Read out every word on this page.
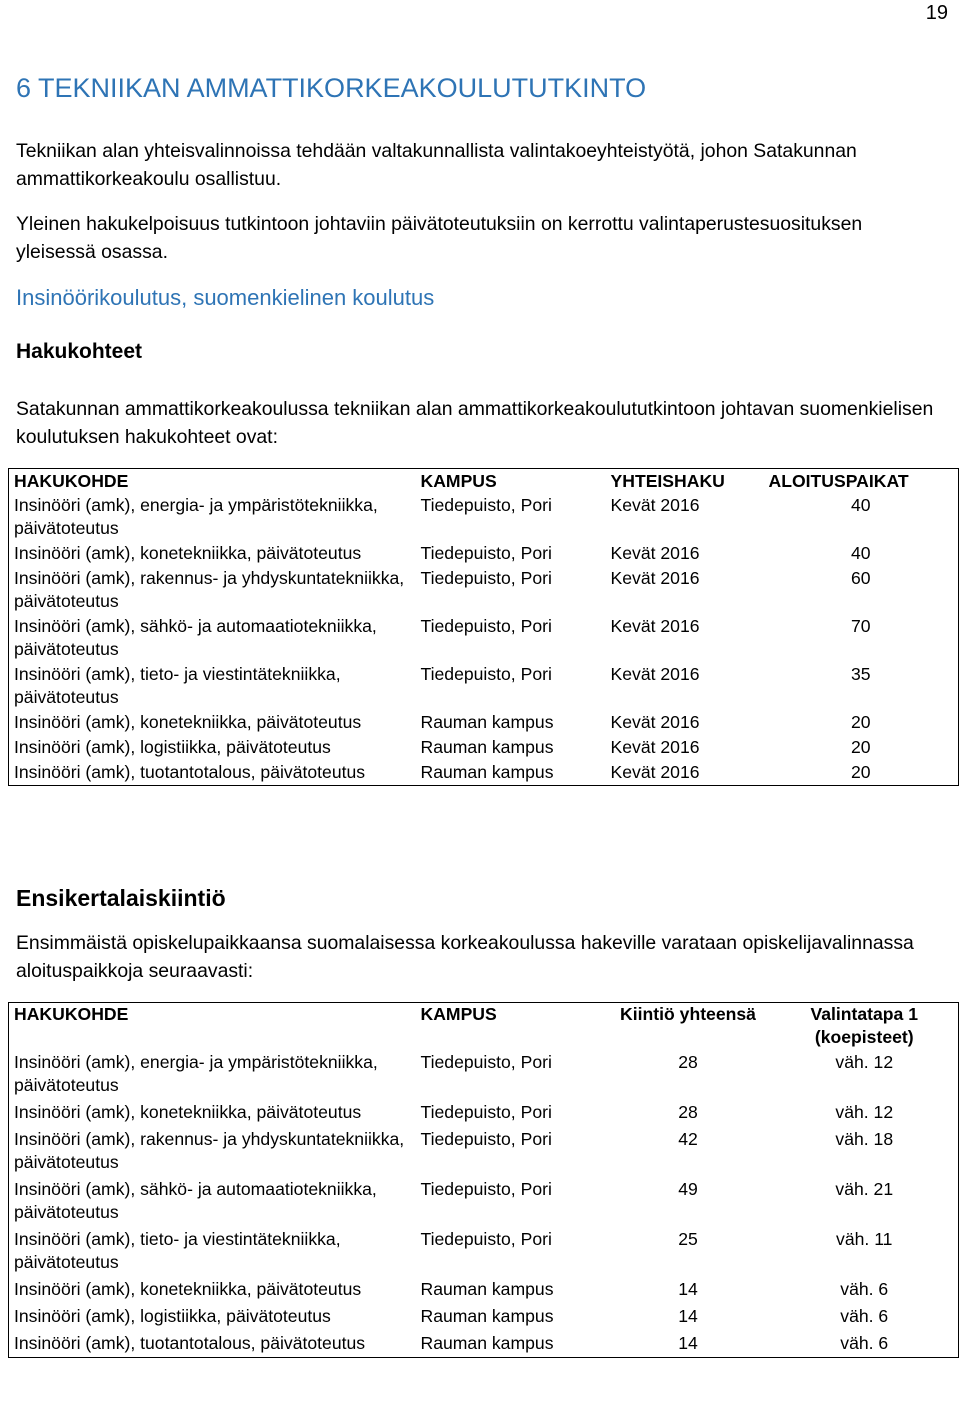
19
6 TEKNIIKAN AMMATTIKORKEAKOULUTUTKINTO

Tekniikan alan yhteisvalinnoissa tehdään valtakunnallista valintakoeyhteistyötä, johon Satakunnan ammattikorkeakoulu osallistuu.

Yleinen hakukelpoisuus tutkintoon johtaviin päivätoteutuksiin on kerrottu valintaperustesuosituksen yleisessä osassa.

Insinöörikoulutus, suomenkielinen koulutus
Hakukohteet

Satakunnan ammattikorkeakoulussa tekniikan alan ammattikorkeakoulututkintoon johtavan suomenkielisen koulutuksen hakukohteet ovat:

HAKUKOHDE	KAMPUS	YHTEISHAKU	ALOITUSPAIKAT
Insinööri (amk), energia- ja ympäristötekniikka, päivätoteutus	Tiedepuisto, Pori	Kevät 2016	40
Insinööri (amk), konetekniikka, päivätoteutus	Tiedepuisto, Pori	Kevät 2016	40
Insinööri (amk), rakennus- ja yhdyskuntatekniikka, päivätoteutus	Tiedepuisto, Pori	Kevät 2016	60
Insinööri (amk), sähkö- ja automaatiotekniikka, päivätoteutus	Tiedepuisto, Pori	Kevät 2016	70
Insinööri (amk), tieto- ja viestintätekniikka, päivätoteutus	Tiedepuisto, Pori	Kevät 2016	35
Insinööri (amk), konetekniikka, päivätoteutus	Rauman kampus	Kevät 2016	20
Insinööri (amk), logistiikka, päivätoteutus	Rauman kampus	Kevät 2016	20
Insinööri (amk), tuotantotalous, päivätoteutus	Rauman kampus	Kevät 2016	20
Ensikertalaiskiintiö

Ensimmäistä opiskelupaikkaansa suomalaisessa korkeakoulussa hakeville varataan opiskelijavalinnassa aloituspaikkoja seuraavasti:

HAKUKOHDE	KAMPUS	Kiintiö yhteensä	Valintatapa 1 (koepisteet)
Insinööri (amk), energia- ja ympäristötekniikka, päivätoteutus	Tiedepuisto, Pori	28	väh. 12
Insinööri (amk), konetekniikka, päivätoteutus	Tiedepuisto, Pori	28	väh. 12
Insinööri (amk), rakennus- ja yhdyskuntatekniikka, päivätoteutus	Tiedepuisto, Pori	42	väh. 18
Insinööri (amk), sähkö- ja automaatiotekniikka, päivätoteutus	Tiedepuisto, Pori	49	väh. 21
Insinööri (amk), tieto- ja viestintätekniikka, päivätoteutus	Tiedepuisto, Pori	25	väh. 11
Insinööri (amk), konetekniikka, päivätoteutus	Rauman kampus	14	väh. 6
Insinööri (amk), logistiikka, päivätoteutus	Rauman kampus	14	väh. 6
Insinööri (amk), tuotantotalous, päivätoteutus	Rauman kampus	14	väh. 6
